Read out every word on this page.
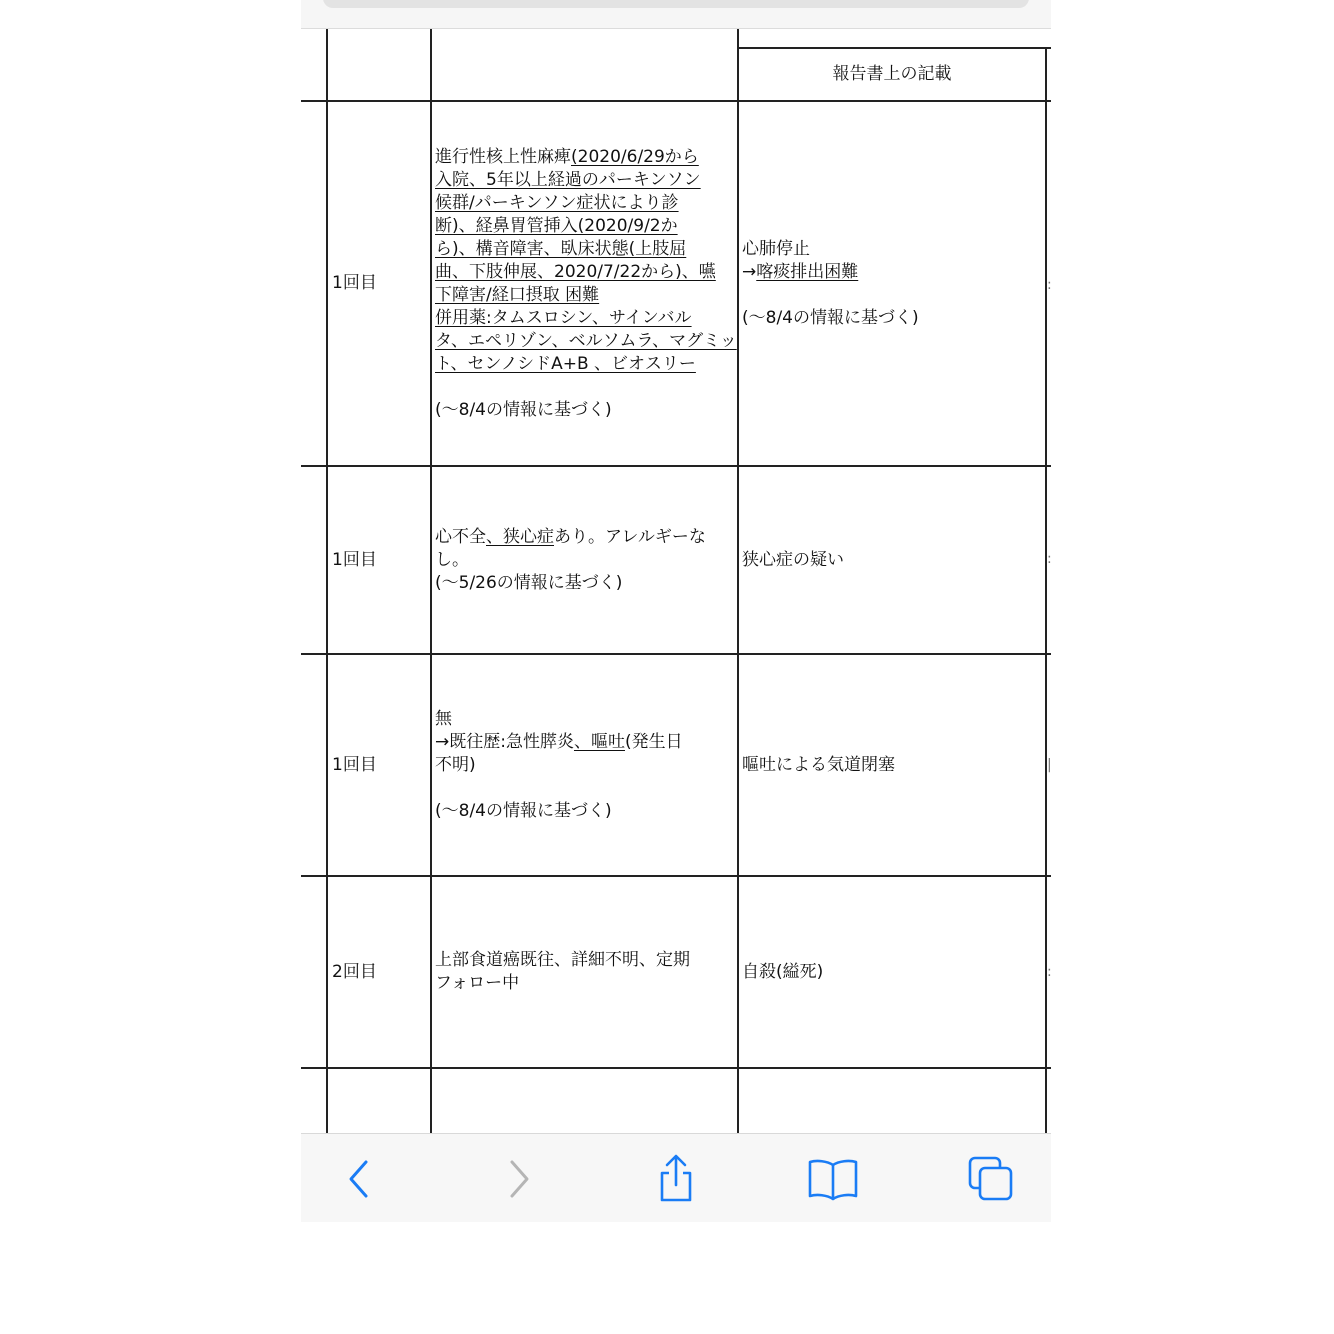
報告書上の記載
1回目
進行性核上性麻痺(2020/6/29から
入院、5年以上経過のパーキンソン
候群/パーキンソン症状により診
断)、経鼻胃管挿入(2020/9/2か
ら)、構音障害、臥床状態(上肢屈
曲、下肢伸展、2020/7/22から)、嚥
下障害/経口摂取 困難
併用薬:タムスロシン、サインバル
タ、エペリゾン、ベルソムラ、マグミッ
ト、センノシドA+B 、ビオスリー

(〜8/4の情報に基づく)
心肺停止
→喀痰排出困難

(〜8/4の情報に基づく)
1回目
心不全、狭心症あり。アレルギーな
し。
(〜5/26の情報に基づく)
狭心症の疑い
1回目
無
→既往歴:急性膵炎、嘔吐(発生日
不明)

(〜8/4の情報に基づく)
嘔吐による気道閉塞
2回目
上部食道癌既往、詳細不明、定期
フォロー中
自殺(縊死)
:
:
|
:
